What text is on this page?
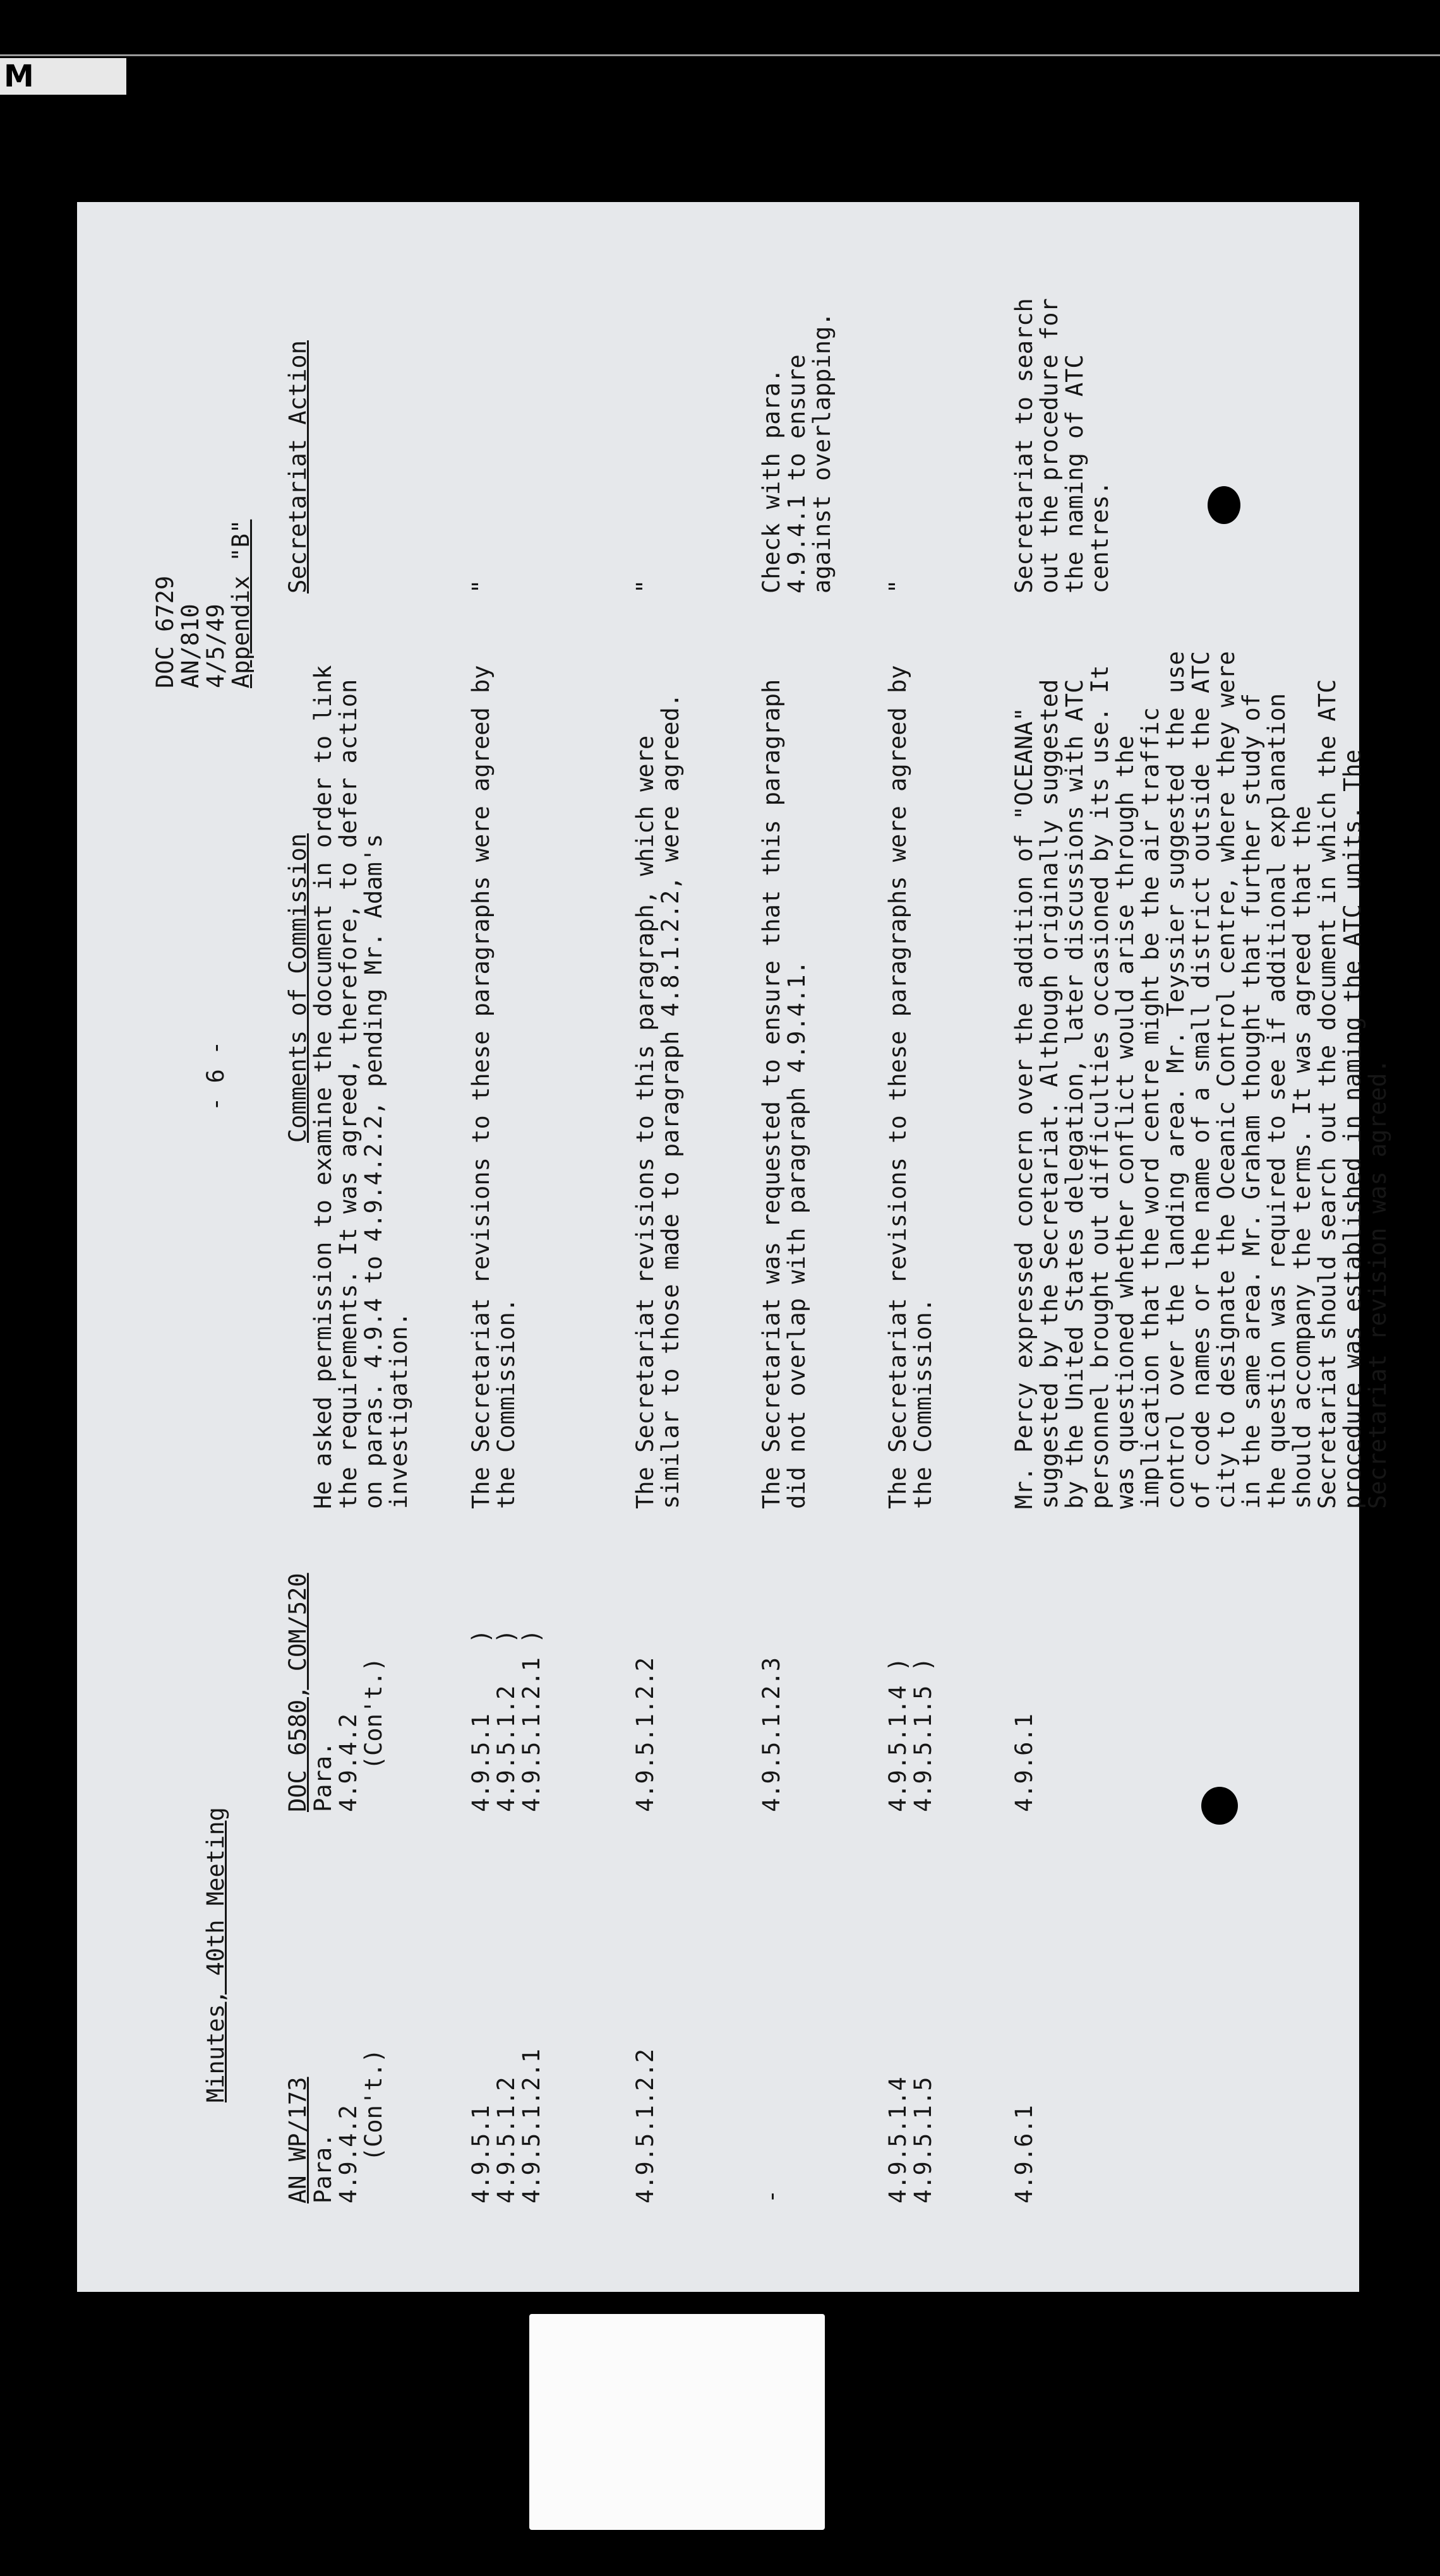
M
DOC 6729
AN/810
4/5/49
Appendix "B"
- 6 -
Minutes, 40th Meeting
AN WP/173
DOC 6580, COM/520
Comments of Commission
Secretariat Action
Para.
4.9.4.2
(Con't.)
Para.
4.9.4.2
(Con't.)
He asked permission to examine the document in order to link the requirements. It was agreed, therefore, to defer action on paras. 4.9.4 to 4.9.4.2.2, pending Mr. Adam's investigation.
4.9.5.1
4.9.5.1.2
4.9.5.1.2.1
4.9.5.1     )
4.9.5.1.2   )
4.9.5.1.2.1 )
The Secretariat revisions to these paragraphs were agreed by the Commission.
"
4.9.5.1.2.2
4.9.5.1.2.2
The Secretariat revisions to this paragraph, which were similar to those made to paragraph 4.8.1.2.2, were agreed.
"
-
4.9.5.1.2.3
The Secretariat was requested to ensure that this paragraph did not overlap with paragraph 4.9.4.1.
Check with para. 4.9.4.1 to ensure against overlapping.
4.9.5.1.4
4.9.5.1.5
4.9.5.1.4 )
4.9.5.1.5 )
The Secretariat revisions to these paragraphs were agreed by the Commission.
"
4.9.6.1
4.9.6.1
Mr. Percy expressed concern over the addition of "OCEANA" suggested by the Secretariat. Although originally suggested by the United States delegation, later discussions with ATC personnel brought out difficulties occasioned by its use. It was questioned whether conflict would arise through the implication that the word centre might be the air traffic control over the landing area. Mr. Teyssier suggested the use of code names or the name of a small district outside the ATC city to designate the Oceanic Control centre, where they were in the same area. Mr. Graham thought that further study of the question was required to see if additional explanation should accompany the terms. It was agreed that the Secretariat should search out the document in which the ATC procedure was established in naming the ATC units. The Secretariat revision was agreed.
Secretariat to search out the procedure for the naming of ATC centres.
